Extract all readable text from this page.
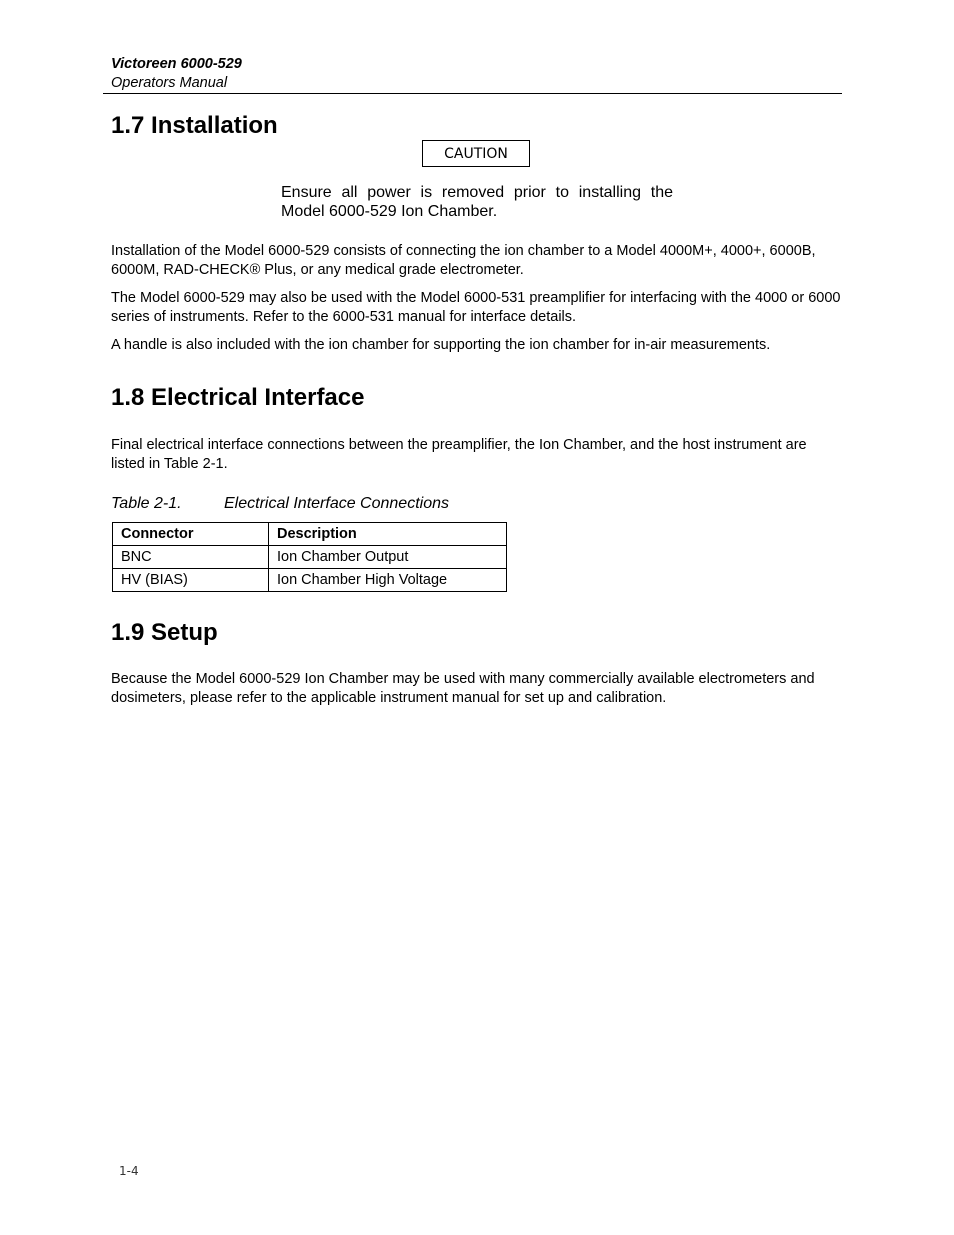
Victoreen 6000-529
Operators Manual
1.7 Installation
CAUTION
Ensure all power is removed prior to installing the Model 6000-529 Ion Chamber.
Installation of the Model 6000-529 consists of connecting the ion chamber to a Model 4000M+, 4000+, 6000B, 6000M, RAD-CHECK® Plus, or any medical grade electrometer.
The Model 6000-529 may also be used with the Model 6000-531 preamplifier for interfacing with the 4000 or 6000 series of instruments. Refer to the 6000-531 manual for interface details.
A handle is also included with the ion chamber for supporting the ion chamber for in-air measurements.
1.8 Electrical Interface
Final electrical interface connections between the preamplifier, the Ion Chamber, and the host instrument are listed in Table 2-1.
Table 2-1.	Electrical Interface Connections
Connector	Description
BNC	Ion Chamber Output
HV (BIAS)	Ion Chamber High Voltage
1.9 Setup
Because the Model 6000-529 Ion Chamber may be used with many commercially available electrometers and dosimeters, please refer to the applicable instrument manual for set up and calibration.
1-4
